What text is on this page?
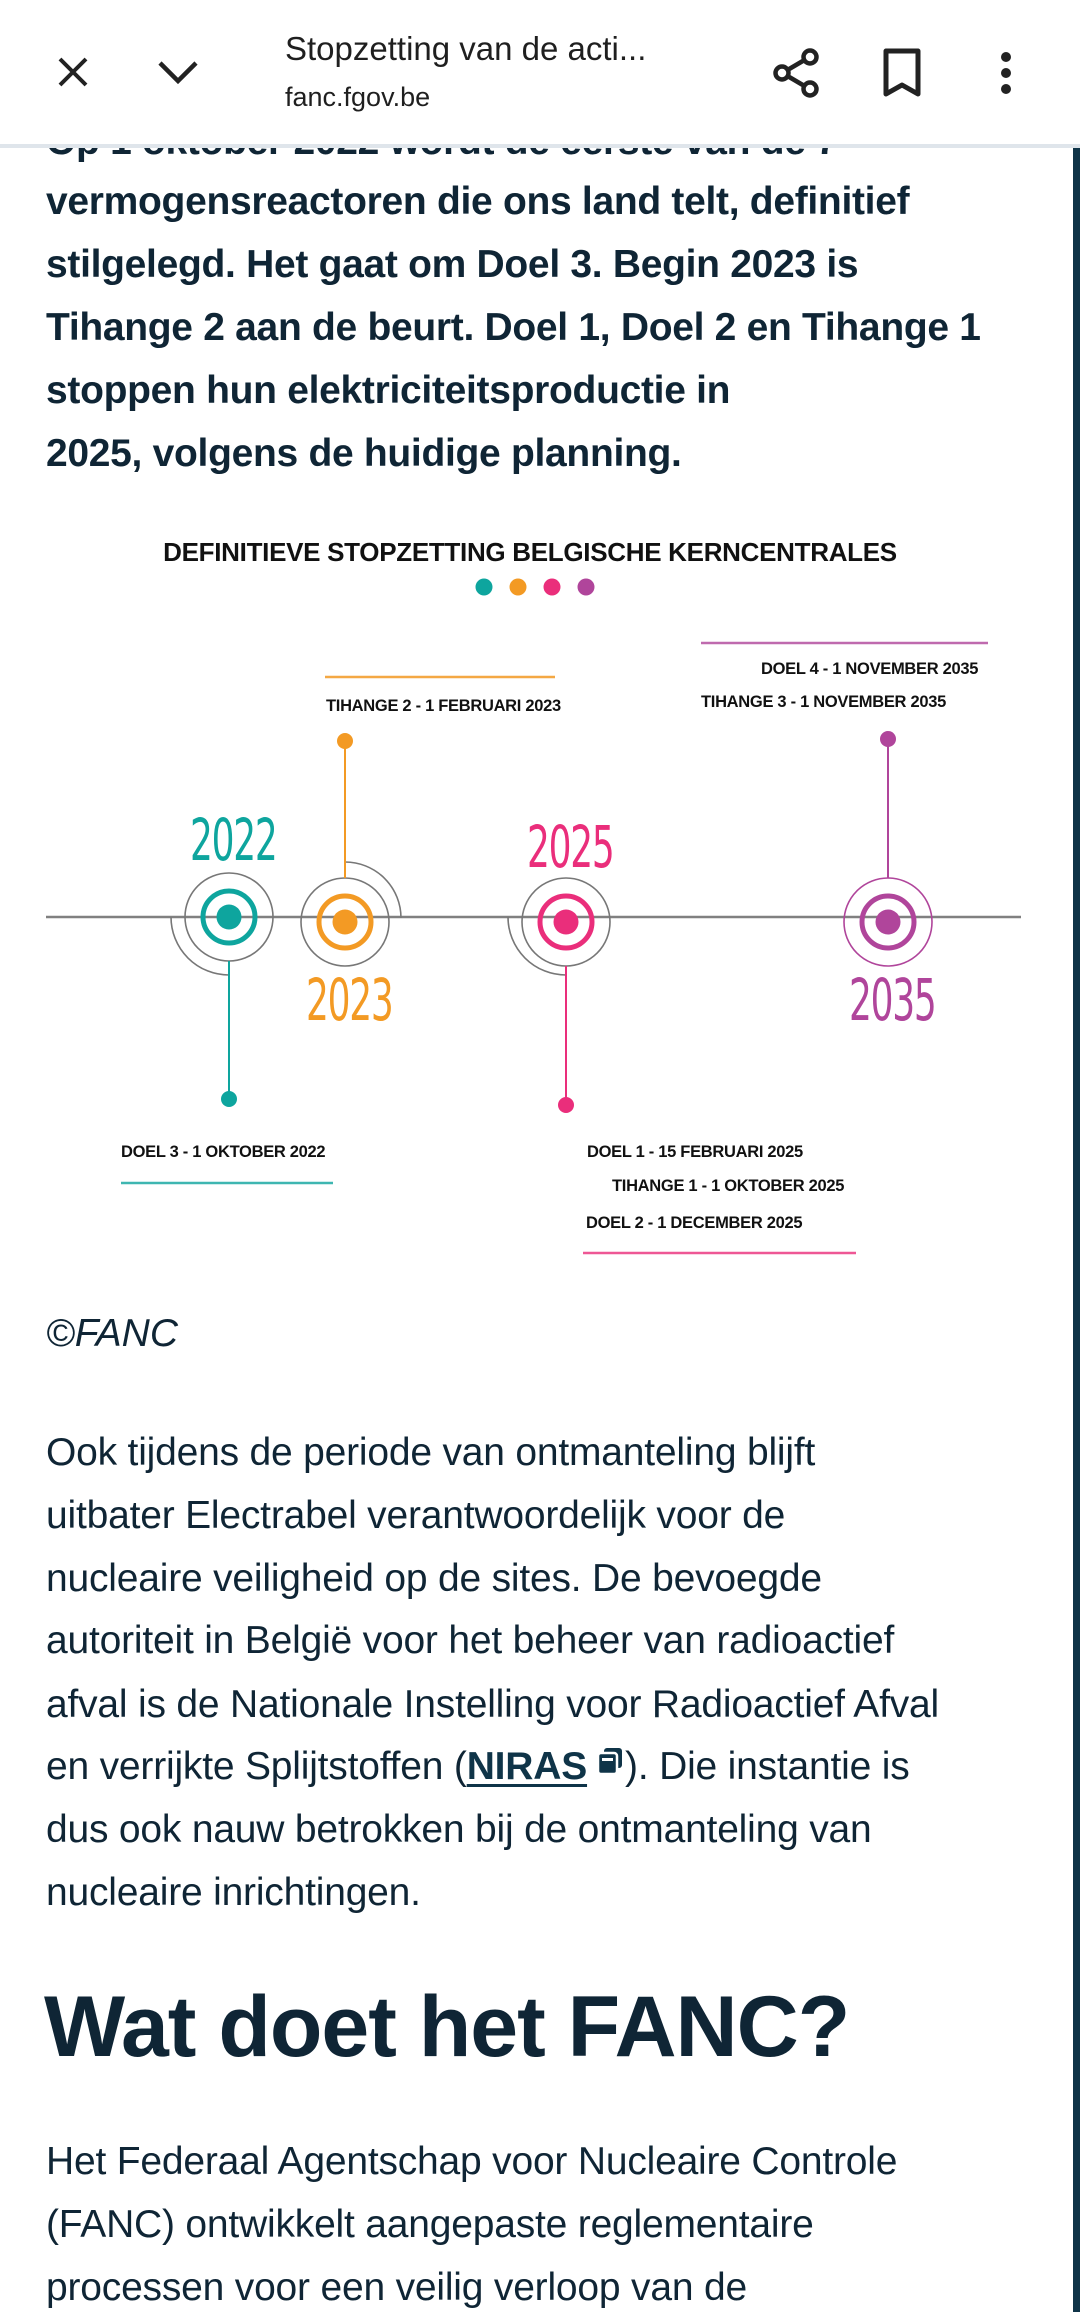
Stopzetting van de acti...
fanc.fgov.be
vermogensreactoren die ons land telt, definitief
stilgelegd. Het gaat om Doel 3. Begin 2023 is
Tihange 2 aan de beurt. Doel 1, Doel 2 en Tihange 1
stoppen hun elektriciteitsproductie in
2025, volgens de huidige planning.
DEFINITIEVE STOPZETTING BELGISCHE KERNCENTRALES
2022
2023
2025
2035
DOEL 3 - 1 OKTOBER 2022
TIHANGE 2 - 1 FEBRUARI 2023
DOEL 1 - 15 FEBRUARI 2025
TIHANGE 1 - 1 OKTOBER 2025
DOEL 2 - 1 DECEMBER 2025
DOEL 4 - 1 NOVEMBER 2035
TIHANGE 3 - 1 NOVEMBER 2035
©FANC
Ook tijdens de periode van ontmanteling blijft
uitbater Electrabel verantwoordelijk voor de
nucleaire veiligheid op de sites. De bevoegde
autoriteit in België voor het beheer van radioactief
afval is de Nationale Instelling voor Radioactief Afval
en verrijkte Splijtstoffen (NIRAS ). Die instantie is
dus ook nauw betrokken bij de ontmanteling van
nucleaire inrichtingen.
Wat doet het FANC?
Het Federaal Agentschap voor Nucleaire Controle
(FANC) ontwikkelt aangepaste reglementaire
processen voor een veilig verloop van de
